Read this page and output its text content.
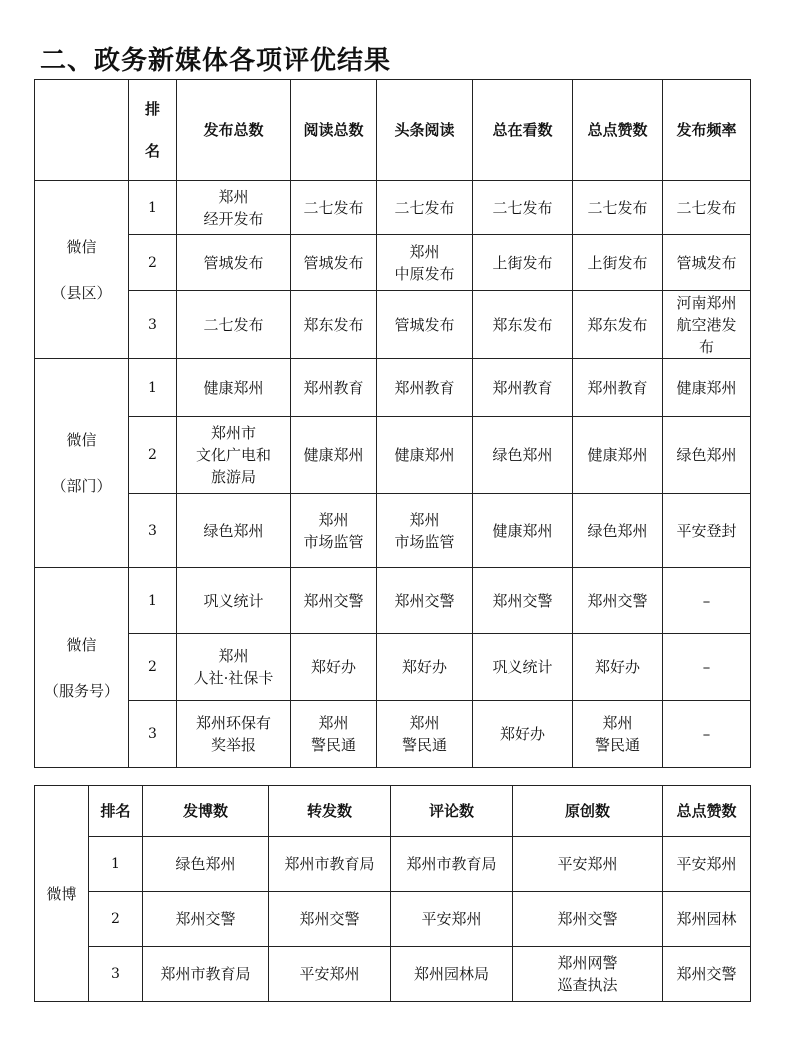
二、政务新媒体各项评优结果

	排
名	发布总数	阅读总数	头条阅读	总在看数	总点赞数	发布频率

微信
（县区）	1	郑州
经开发布	二七发布	二七发布	二七发布	二七发布	二七发布

	2	管城发布	管城发布	郑州
中原发布	上街发布	上街发布	管城发布

	3	二七发布	郑东发布	管城发布	郑东发布	郑东发布	河南郑州
航空港发
布

微信
（部门）	1	健康郑州	郑州教育	郑州教育	郑州教育	郑州教育	健康郑州

	2	郑州市
文化广电和
旅游局	健康郑州	健康郑州	绿色郑州	健康郑州	绿色郑州

	3	绿色郑州	郑州
市场监管	郑州
市场监管	健康郑州	绿色郑州	平安登封

微信
（服务号）	1	巩义统计	郑州交警	郑州交警	郑州交警	郑州交警	–

	2	郑州
人社·社保卡	郑好办	郑好办	巩义统计	郑好办	–

	3	郑州环保有
奖举报	郑州
警民通	郑州
警民通	郑好办	郑州
警民通	–
微博	排名	发博数	转发数	评论数	原创数	总点赞数

	1	绿色郑州	郑州市教育局	郑州市教育局	平安郑州	平安郑州

	2	郑州交警	郑州交警	平安郑州	郑州交警	郑州园林

	3	郑州市教育局	平安郑州	郑州园林局	郑州网警
巡查执法	郑州交警
